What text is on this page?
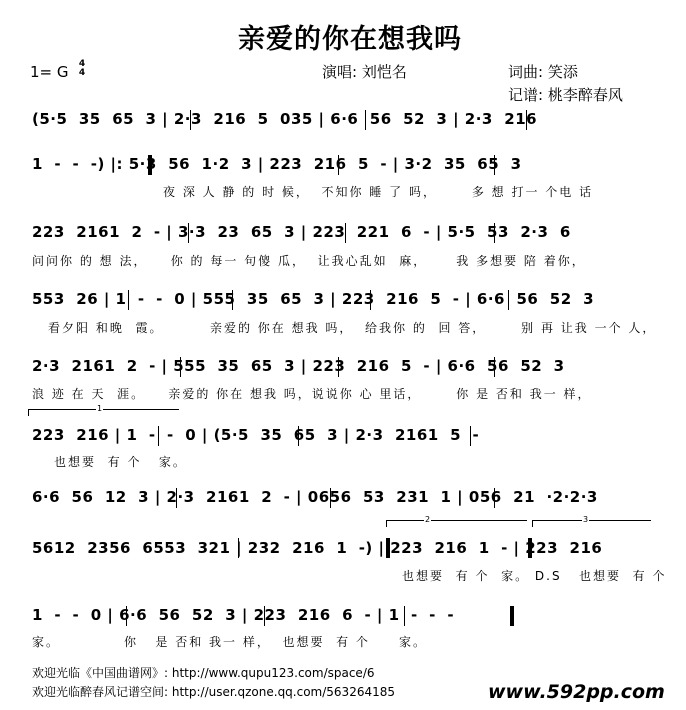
亲爱的你在想我吗
1= G 4
4	演唱: 刘恺名	词曲: 笑添
记谱: 桃李醉春风
(5·5  35  65  3 | 2·3  216  5  035 | 6·6  56  52  3 | 2·3  216
1  -  -  -) |: 5·3  56  1·2  3 | 223  216  5  - | 3·2  35  65  3
夜 深 人 静 的 时 候，  不知你 睡 了 吗，      多 想 打一 个电 话
223  2161  2  - | 3·3  23  65  3 | 223  221  6  - | 5·5  53  2·3  6
问问你 的 想 法，    你 的 每一 句傻 瓜，  让我心乱如  麻，     我 多想要 陪 着你，
553  26 | 1  -  -  0 | 555  35  65  3 | 223  216  5  - | 6·6  56  52  3
看夕阳 和晚  霞。        亲爱的 你在 想我 吗，  给我你 的  回 答，      别 再 让我 一个 人，
2·3  2161  2  - | 555  35  65  3 | 223  216  5  - | 6·6  56  52  3
浪 迹 在 天  涯。    亲爱的 你在 想我 吗，说说你 心 里话，      你 是 否和 我一 样，
1
223  216 | 1  -  -  0 | (5·5  35  65  3 | 2·3  2161  5  -
也想要  有 个   家。
6·6  56  12  3 | 2·3  2161  2  - | 0656  53  231  1 | 056  21  ·2·2·3
2	3
5612  2356  6553  321 | 232  216  1  -) | 223  216  1  - | 223  216
也想要  有 个  家。 D.S   也想要  有 个
1  -  -  0 | 6·6  56  52  3 | 223  216  6  - | 1  -  -  -
家。           你   是 否和 我一 样，  也想要  有 个     家。
欢迎光临《中国曲谱网》: http://www.qupu123.com/space/6
欢迎光临醉春风记谱空间: http://user.qzone.qq.com/563264185	www.592pp.com
